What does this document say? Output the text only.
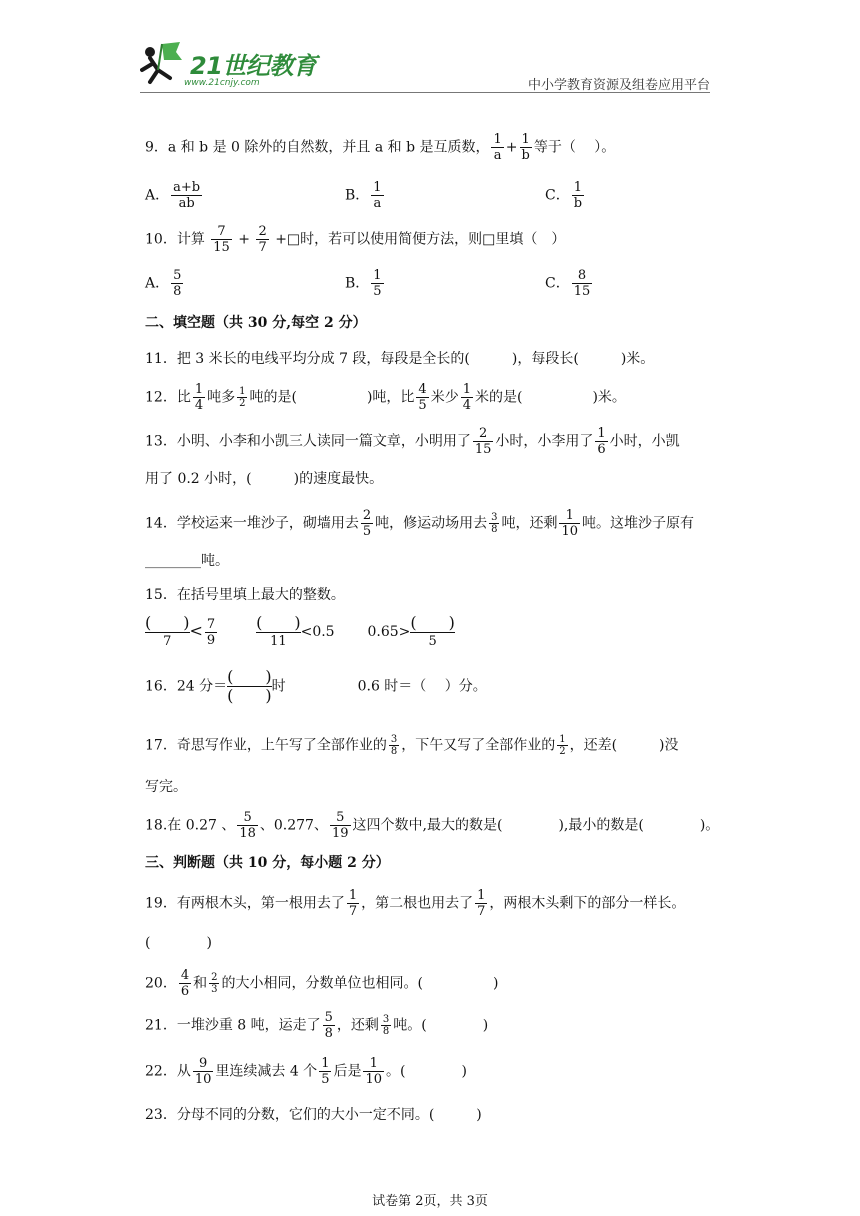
21世纪教育
www.21cnjy.com	中小学教育资源及组卷应用平台
9．a 和 b 是 0 除外的自然数，并且 a 和 b 是互质数， $\frac{1}{a} + \frac{1}{b}$ 等于（　 ）。
A． $\frac{a+b}{ab}$	B． $\frac{1}{a}$	C． $\frac{1}{b}$
10．计算 $\frac{7}{15} + \frac{2}{7}$ +□时，若可以使用简便方法，则□里填（　）
A． $\frac{5}{8}$	B． $\frac{1}{5}$	C． $\frac{8}{15}$
二、填空题（共 30 分,每空 2 分）
11．把 3 米长的电线平均分成 7 段，每段是全长的(　　　)，每段长(　　　)米。
12．比 $\frac{1}{4}$ 吨多 $\frac{1}{2}$ 吨的是(　　　　　)吨，比 $\frac{4}{5}$ 米少 $\frac{1}{4}$ 米的是(　　　　　)米。
13．小明、小李和小凯三人读同一篇文章，小明用了 $\frac{2}{15}$ 小时，小李用了 $\frac{1}{6}$ 小时，小凯
用了 0.2 小时，(　　　)的速度最快。
14．学校运来一堆沙子，砌墙用去 $\frac{2}{5}$ 吨，修运动场用去 $\frac{3}{8}$ 吨，还剩 $\frac{1}{10}$ 吨。这堆沙子原有
________吨。
15．在括号里填上最大的整数。
(　　)
7
< $\frac{7}{9}$
(　　)
11
<0.5 0.65> (　　)
5
16．24 分＝
(　　)
(　　) 时	0.6 时＝（　 ）分。
17．奇思写作业，上午写了全部作业的 $\frac{3}{8}$ ，下午又写了全部作业的 $\frac{1}{2}$ ，还差(　　　)没
写完。
18.在 0.27 、 $\frac{5}{18}$ 、0.277、 $\frac{5}{19}$ 这四个数中,最大的数是(　　　　),最小的数是(　　　　)。
三、判断题（共 10 分，每小题 2 分）
19．有两根木头，第一根用去了 $\frac{1}{7}$ ，第二根也用去了 $\frac{1}{7}$ ，两根木头剩下的部分一样长。
(　　　　)
20． $\frac{4}{6}$ 和 $\frac{2}{3}$ 的大小相同，分数单位也相同。(　　　　　)
21．一堆沙重 8 吨，运走了 $\frac{5}{8}$ ，还剩 $\frac{3}{8}$ 吨。(　　　　)
22．从 $\frac{9}{10}$ 里连续减去 4 个 $\frac{1}{5}$ 后是 $\frac{1}{10}$ 。(　　　　)
23．分母不同的分数，它们的大小一定不同。(　　　)
试卷第 2页，共 3页
